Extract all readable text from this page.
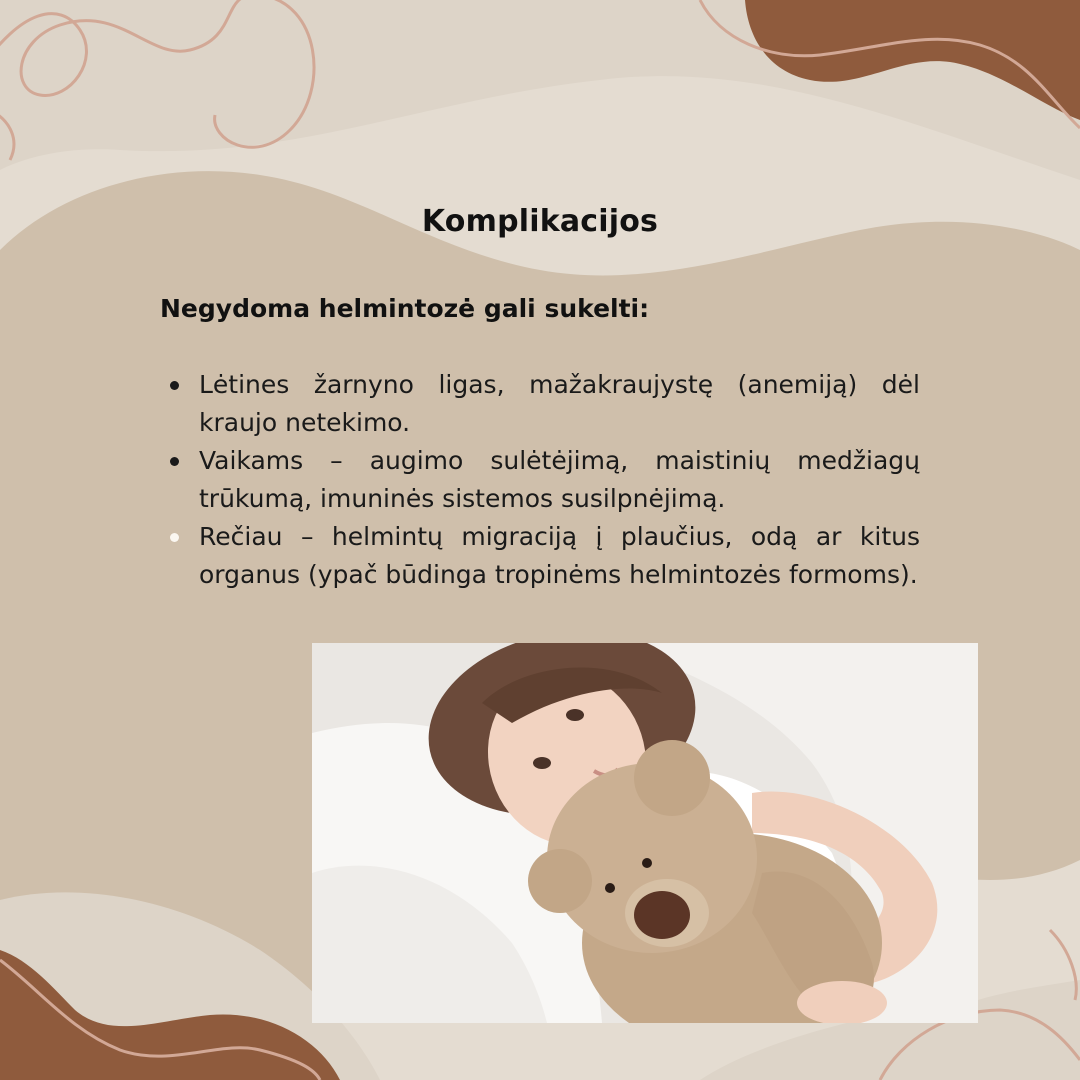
Komplikacijos

Negydoma helmintozė gali sukelti:

Lėtines žarnyno ligas, mažakraujystę (anemiją) dėl kraujo netekimo.
Vaikams – augimo sulėtėjimą, maistinių medžiagų trūkumą, imuninės sistemos susilpnėjimą.
Rečiau – helmintų migraciją į plaučius, odą ar kitus organus (ypač būdinga tropinėms helmintozės formoms).
